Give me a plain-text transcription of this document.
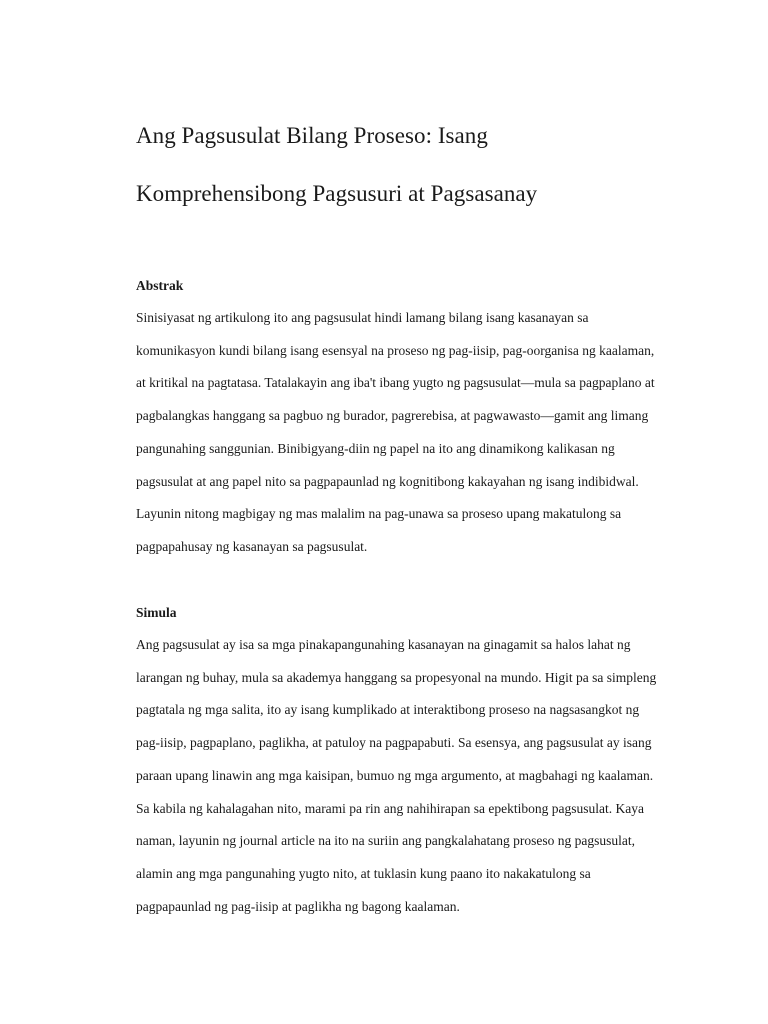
Ang Pagsusulat Bilang Proseso: Isang
Komprehensibong Pagsusuri at Pagsasanay
Abstrak
Sinisiyasat ng artikulong ito ang pagsusulat hindi lamang bilang isang kasanayan sa
komunikasyon kundi bilang isang esensyal na proseso ng pag-iisip, pag-oorganisa ng kaalaman,
at kritikal na pagtatasa. Tatalakayin ang iba't ibang yugto ng pagsusulat—mula sa pagpaplano at
pagbalangkas hanggang sa pagbuo ng burador, pagrerebisa, at pagwawasto—gamit ang limang
pangunahing sanggunian. Binibigyang-diin ng papel na ito ang dinamikong kalikasan ng
pagsusulat at ang papel nito sa pagpapaunlad ng kognitibong kakayahan ng isang indibidwal.
Layunin nitong magbigay ng mas malalim na pag-unawa sa proseso upang makatulong sa
pagpapahusay ng kasanayan sa pagsusulat.
Simula
Ang pagsusulat ay isa sa mga pinakapangunahing kasanayan na ginagamit sa halos lahat ng
larangan ng buhay, mula sa akademya hanggang sa propesyonal na mundo. Higit pa sa simpleng
pagtatala ng mga salita, ito ay isang kumplikado at interaktibong proseso na nagsasangkot ng
pag-iisip, pagpaplano, paglikha, at patuloy na pagpapabuti. Sa esensya, ang pagsusulat ay isang
paraan upang linawin ang mga kaisipan, bumuo ng mga argumento, at magbahagi ng kaalaman.
Sa kabila ng kahalagahan nito, marami pa rin ang nahihirapan sa epektibong pagsusulat. Kaya
naman, layunin ng journal article na ito na suriin ang pangkalahatang proseso ng pagsusulat,
alamin ang mga pangunahing yugto nito, at tuklasin kung paano ito nakakatulong sa
pagpapaunlad ng pag-iisip at paglikha ng bagong kaalaman.
